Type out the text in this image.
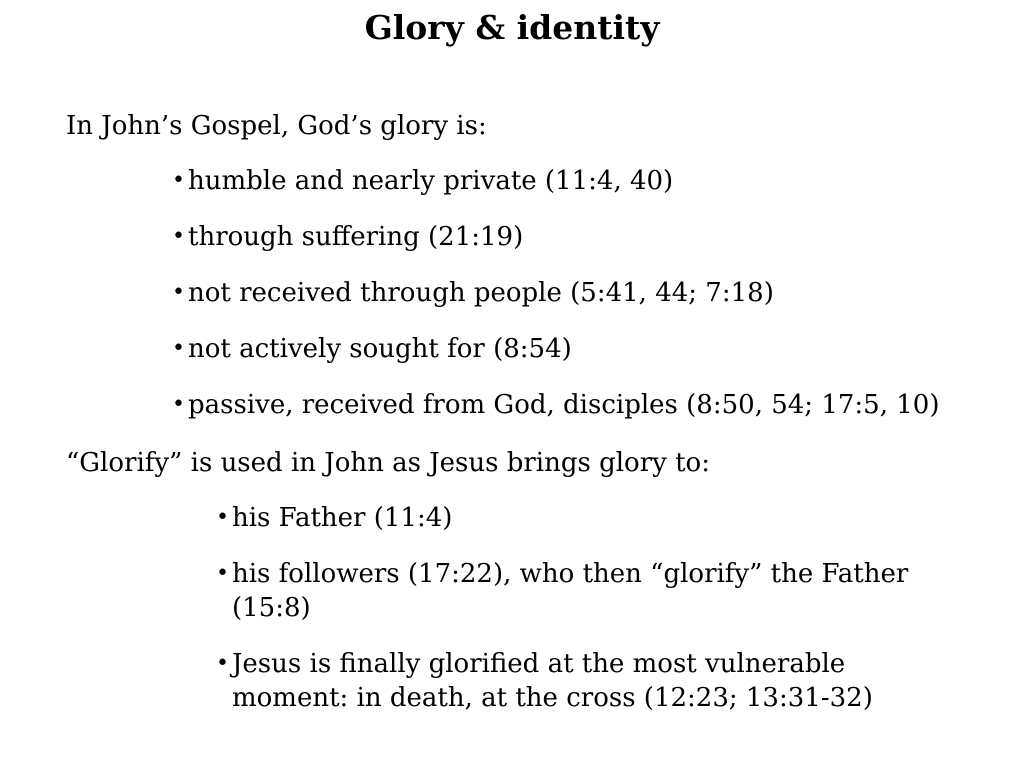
Glory & identity

In John’s Gospel, God’s glory is:

• humble and nearly private (11:4, 40)
• through suffering (21:19)
• not received through people (5:41, 44; 7:18)
• not actively sought for (8:54)
• passive, received from God, disciples (8:50, 54; 17:5, 10)

“Glorify” is used in John as Jesus brings glory to:

• his Father (11:4)
• his followers (17:22), who then “glorify” the Father (15:8)
• Jesus is finally glorified at the most vulnerable moment: in death, at the cross (12:23; 13:31-32)
